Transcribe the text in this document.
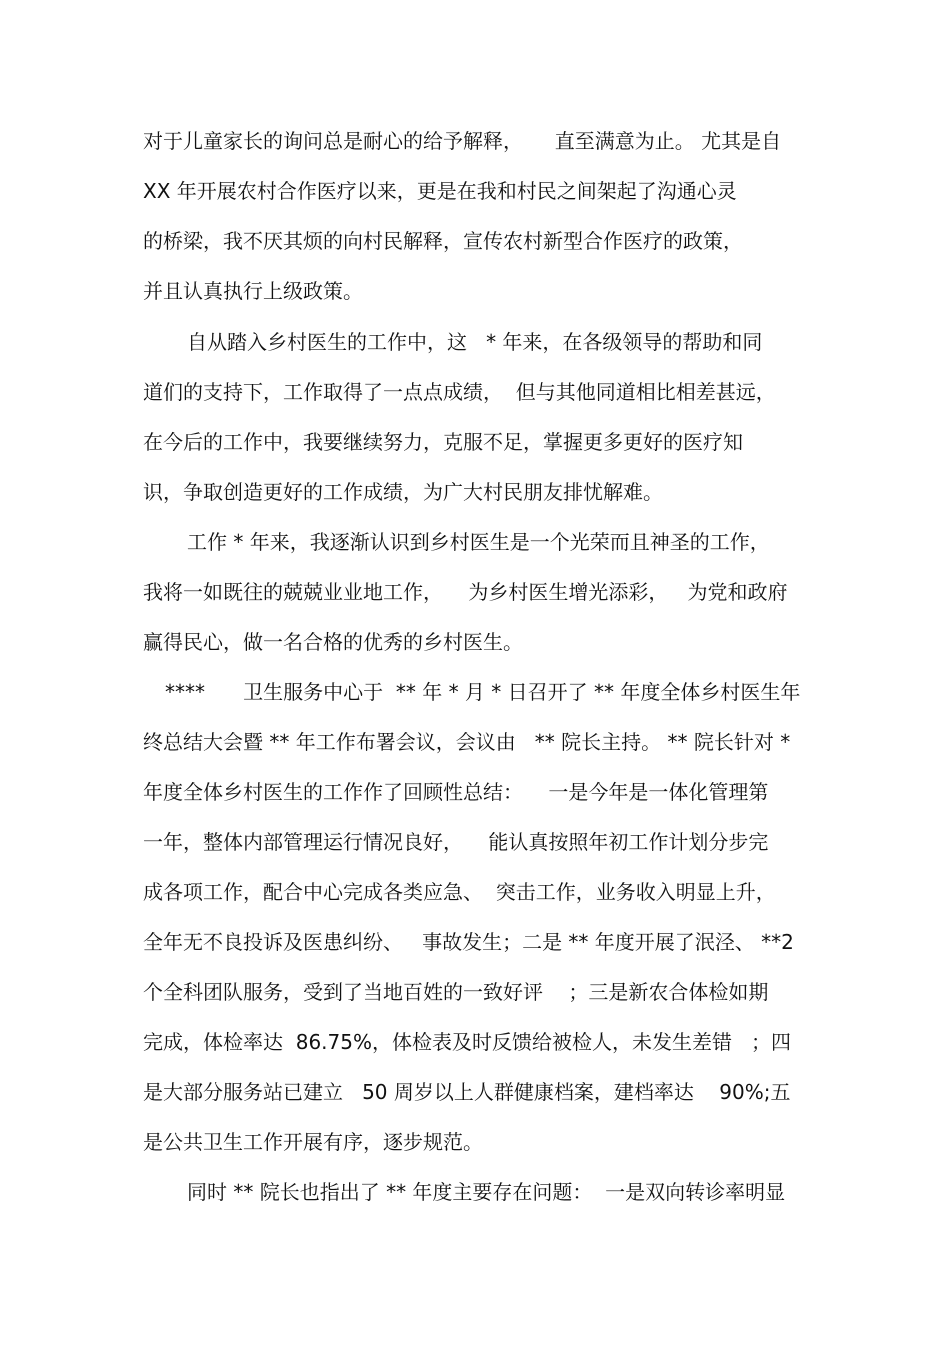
对于儿童家长的询问总是耐心的给予解释，     直至满意为止。 尤其是自
XX 年开展农村合作医疗以来，更是在我和村民之间架起了沟通心灵
的桥梁，我不厌其烦的向村民解释，宣传农村新型合作医疗的政策，
并且认真执行上级政策。
自从踏入乡村医生的工作中，这   * 年来，在各级领导的帮助和同
道们的支持下，工作取得了一点点成绩，  但与其他同道相比相差甚远，
在今后的工作中，我要继续努力，克服不足，掌握更多更好的医疗知
识，争取创造更好的工作成绩，为广大村民朋友排忧解难。
工作 * 年来，我逐渐认识到乡村医生是一个光荣而且神圣的工作，
我将一如既往的兢兢业业地工作，    为乡村医生增光添彩，   为党和政府
赢得民心，做一名合格的优秀的乡村医生。
****      卫生服务中心于  ** 年 * 月 * 日召开了 ** 年度全体乡村医生年
终总结大会暨 ** 年工作布署会议，会议由   ** 院长主持。 ** 院长针对 *
年度全体乡村医生的工作作了回顾性总结：    一是今年是一体化管理第
一年，整体内部管理运行情况良好，    能认真按照年初工作计划分步完
成各项工作，配合中心完成各类应急、  突击工作，业务收入明显上升，
全年无不良投诉及医患纠纷、   事故发生；二是 ** 年度开展了泯泾、 **2
个全科团队服务，受到了当地百姓的一致好评    ；三是新农合体检如期
完成，体检率达  86.75%，体检表及时反馈给被检人，未发生差错   ；四
是大部分服务站已建立   50 周岁以上人群健康档案，建档率达    90%;五
是公共卫生工作开展有序，逐步规范。
同时 ** 院长也指出了 ** 年度主要存在问题：  一是双向转诊率明显
